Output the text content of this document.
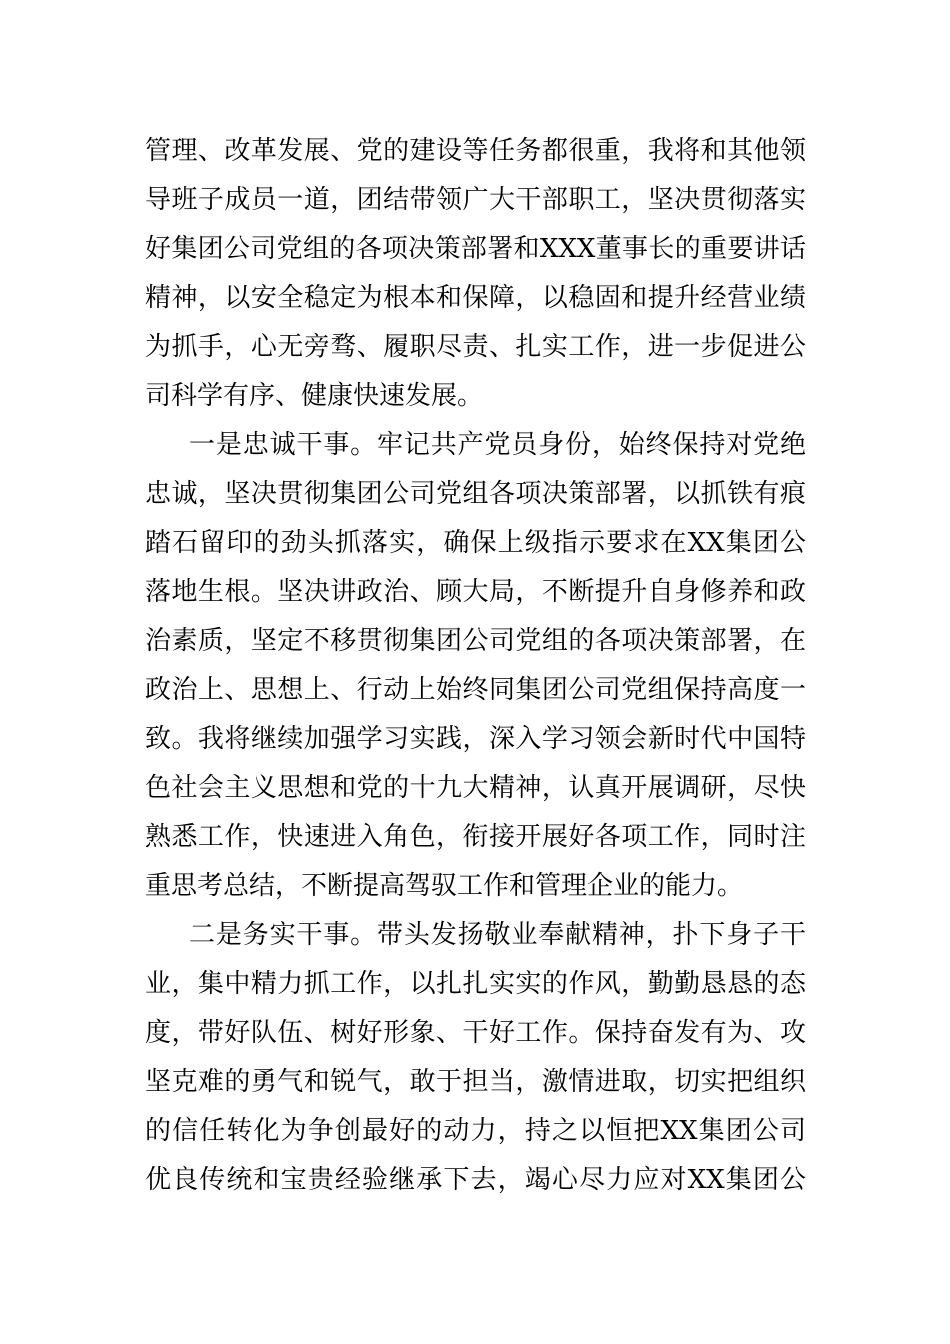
管理、改革发展、党的建设等任务都很重，我将和其他领
导班子成员一道，团结带领广大干部职工，坚决贯彻落实
好集团公司党组的各项决策部署和XXX董事长的重要讲话
精神，以安全稳定为根本和保障，以稳固和提升经营业绩
为抓手，心无旁骛、履职尽责、扎实工作，进一步促进公
司科学有序、健康快速发展。
一是忠诚干事。牢记共产党员身份，始终保持对党绝
忠诚，坚决贯彻集团公司党组各项决策部署，以抓铁有痕
踏石留印的劲头抓落实，确保上级指示要求在XX集团公
落地生根。坚决讲政治、顾大局，不断提升自身修养和政
治素质，坚定不移贯彻集团公司党组的各项决策部署，在
政治上、思想上、行动上始终同集团公司党组保持高度一
致。我将继续加强学习实践，深入学习领会新时代中国特
色社会主义思想和党的十九大精神，认真开展调研，尽快
熟悉工作，快速进入角色，衔接开展好各项工作，同时注
重思考总结，不断提高驾驭工作和管理企业的能力。
二是务实干事。带头发扬敬业奉献精神，扑下身子干
业，集中精力抓工作，以扎扎实实的作风，勤勤恳恳的态
度，带好队伍、树好形象、干好工作。保持奋发有为、攻
坚克难的勇气和锐气，敢于担当，激情进取，切实把组织
的信任转化为争创最好的动力，持之以恒把XX集团公司
优良传统和宝贵经验继承下去，竭心尽力应对XX集团公
